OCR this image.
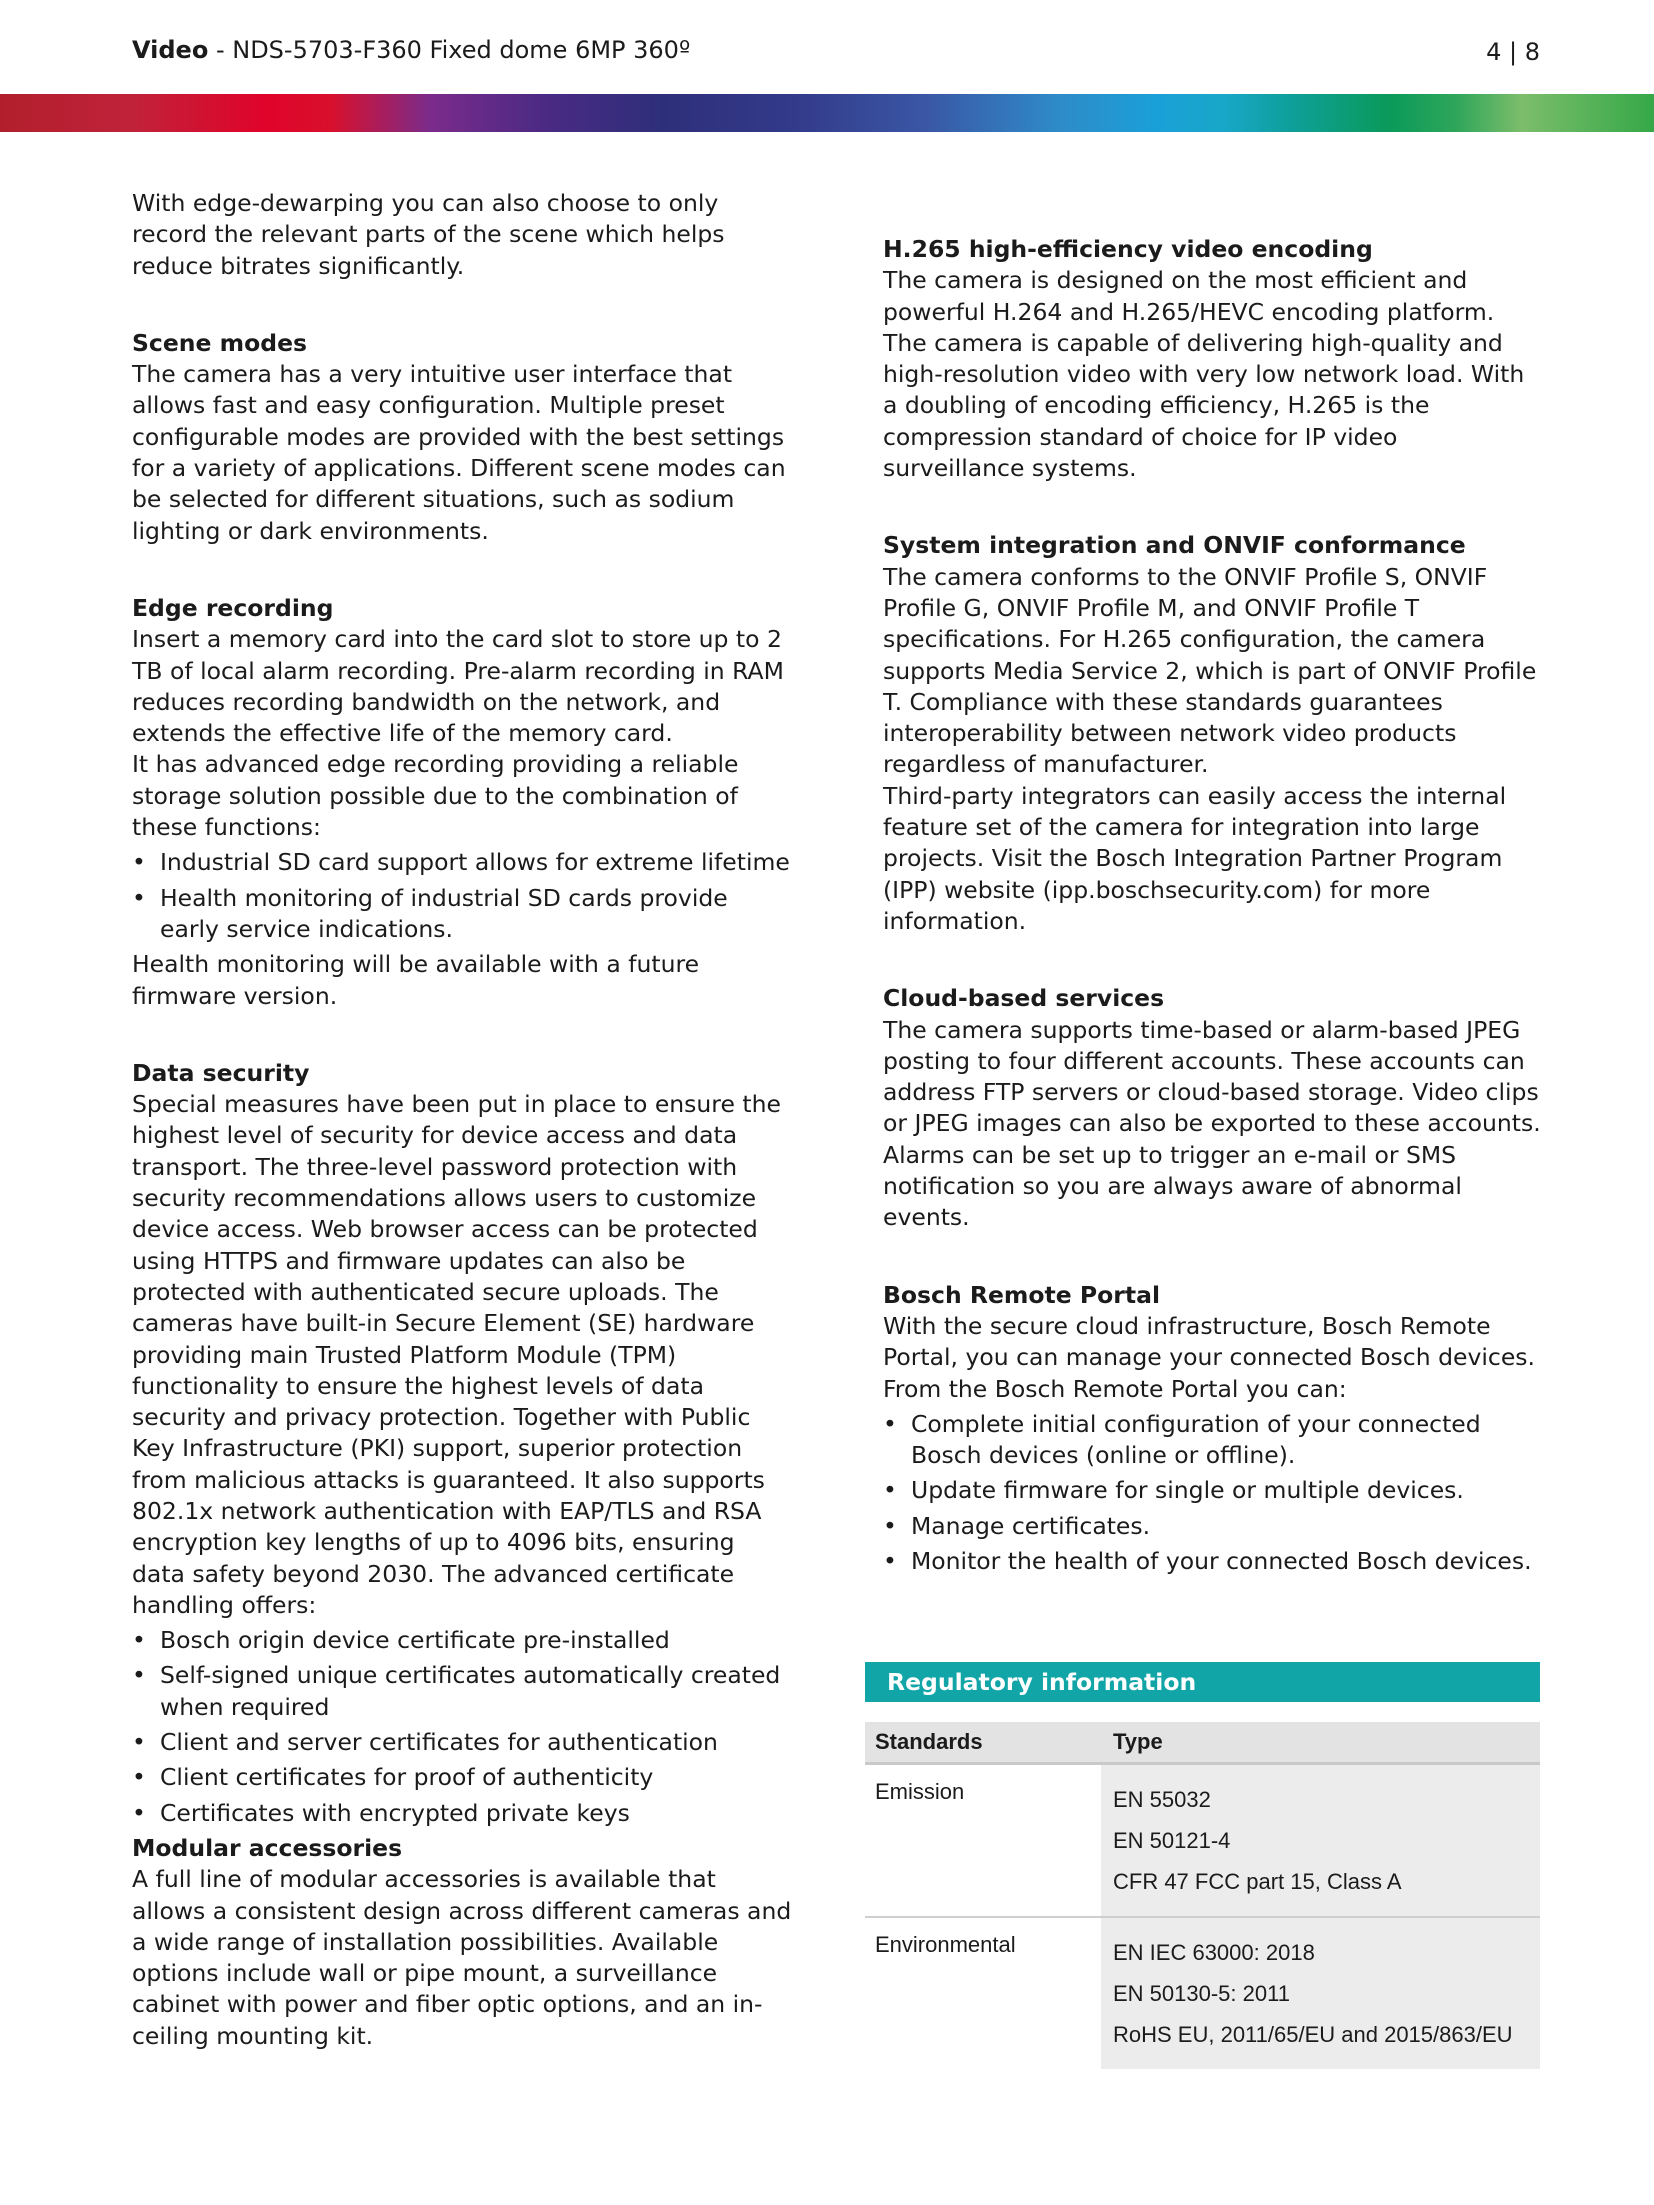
Video - NDS-5703-F360 Fixed dome 6MP 360º	4 | 8

With edge-dewarping you can also choose to only record the relevant parts of the scene which helps reduce bitrates significantly.

Scene modes

The camera has a very intuitive user interface that allows fast and easy configuration. Multiple preset configurable modes are provided with the best settings for a variety of applications. Different scene modes can be selected for different situations, such as sodium lighting or dark environments.

Edge recording

Insert a memory card into the card slot to store up to 2 TB of local alarm recording. Pre-alarm recording in RAM reduces recording bandwidth on the network, and extends the effective life of the memory card.

It has advanced edge recording providing a reliable storage solution possible due to the combination of these functions:

• Industrial SD card support allows for extreme lifetime
• Health monitoring of industrial SD cards provide early service indications.

Health monitoring will be available with a future firmware version.

Data security

Special measures have been put in place to ensure the highest level of security for device access and data transport. The three-level password protection with security recommendations allows users to customize device access. Web browser access can be protected using HTTPS and firmware updates can also be protected with authenticated secure uploads. The cameras have built-in Secure Element (SE) hardware providing main Trusted Platform Module (TPM) functionality to ensure the highest levels of data security and privacy protection. Together with Public Key Infrastructure (PKI) support, superior protection from malicious attacks is guaranteed. It also supports 802.1x network authentication with EAP/TLS and RSA encryption key lengths of up to 4096 bits, ensuring data safety beyond 2030. The advanced certificate handling offers:

• Bosch origin device certificate pre-installed
• Self-signed unique certificates automatically created when required
• Client and server certificates for authentication
• Client certificates for proof of authenticity
• Certificates with encrypted private keys

Modular accessories

A full line of modular accessories is available that allows a consistent design across different cameras and a wide range of installation possibilities. Available options include wall or pipe mount, a surveillance cabinet with power and fiber optic options, and an in-ceiling mounting kit.

H.265 high-efficiency video encoding

The camera is designed on the most efficient and powerful H.264 and H.265/HEVC encoding platform. The camera is capable of delivering high-quality and high-resolution video with very low network load. With a doubling of encoding efficiency, H.265 is the compression standard of choice for IP video surveillance systems.

System integration and ONVIF conformance

The camera conforms to the ONVIF Profile S, ONVIF Profile G, ONVIF Profile M, and ONVIF Profile T specifications. For H.265 configuration, the camera supports Media Service 2, which is part of ONVIF Profile T. Compliance with these standards guarantees interoperability between network video products regardless of manufacturer.

Third-party integrators can easily access the internal feature set of the camera for integration into large projects. Visit the Bosch Integration Partner Program (IPP) website (ipp.boschsecurity.com) for more information.

Cloud-based services

The camera supports time-based or alarm-based JPEG posting to four different accounts. These accounts can address FTP servers or cloud-based storage. Video clips or JPEG images can also be exported to these accounts.

Alarms can be set up to trigger an e-mail or SMS notification so you are always aware of abnormal events.

Bosch Remote Portal

With the secure cloud infrastructure, Bosch Remote Portal, you can manage your connected Bosch devices. From the Bosch Remote Portal you can:

• Complete initial configuration of your connected Bosch devices (online or offline).
• Update firmware for single or multiple devices.
• Manage certificates.
• Monitor the health of your connected Bosch devices.
Regulatory information
Standards	Type
Emission	EN 55032
EN 50121-4
CFR 47 FCC part 15, Class A
Environmental	EN IEC 63000: 2018
EN 50130-5: 2011
RoHS EU, 2011/65/EU and 2015/863/EU
